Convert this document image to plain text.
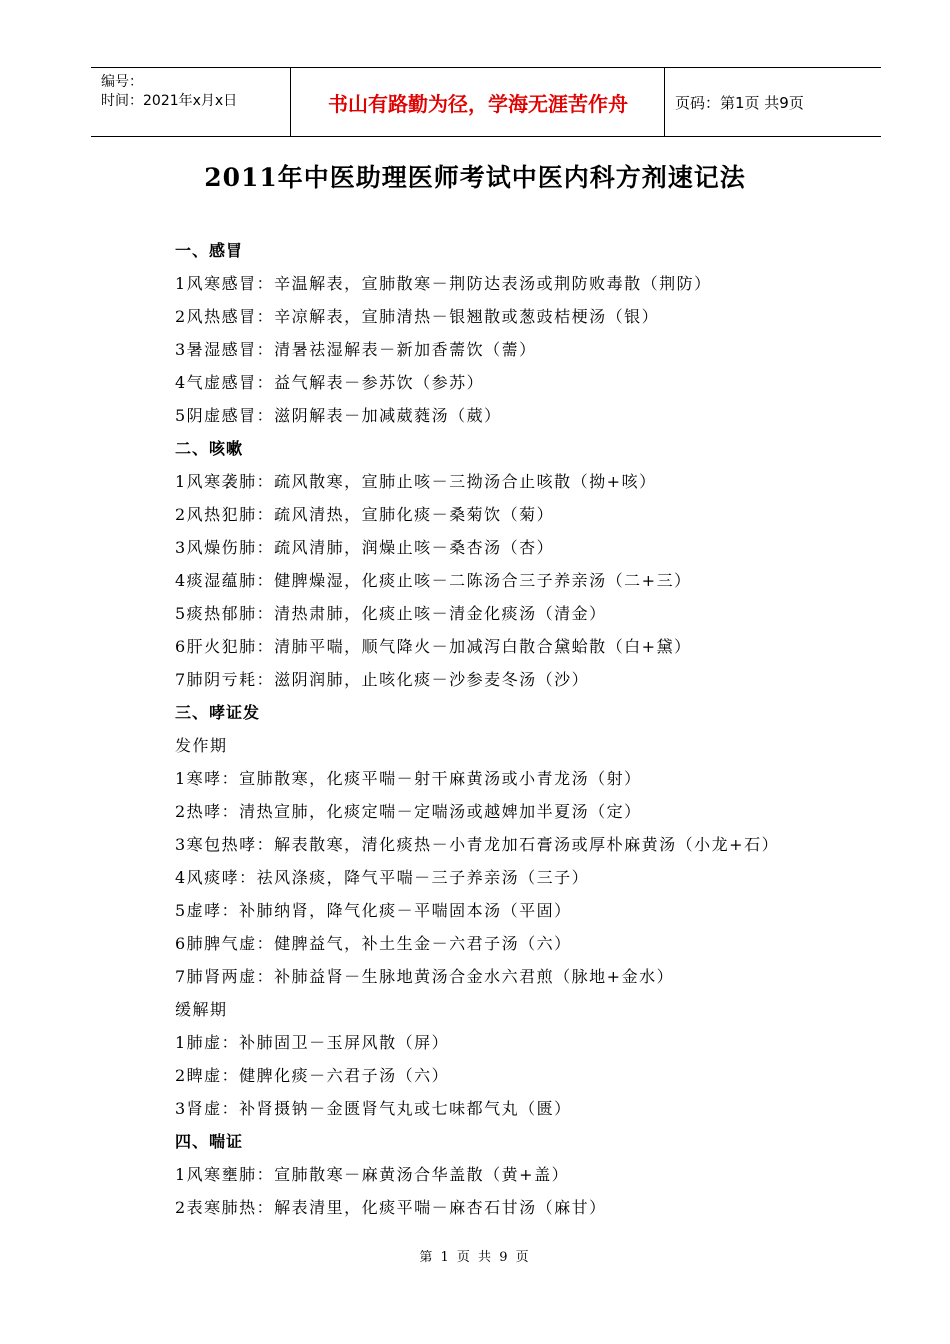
编号：
时间：2021年x月x日	书山有路勤为径，学海无涯苦作舟	页码：第1页 共9页
2011年中医助理医师考试中医内科方剂速记法
一、感冒
1风寒感冒：辛温解表，宣肺散寒－荆防达表汤或荆防败毒散（荆防）
2风热感冒：辛凉解表，宣肺清热－银翘散或葱豉桔梗汤（银）
3暑湿感冒：清暑祛湿解表－新加香薷饮（薷）
4气虚感冒：益气解表－参苏饮（参苏）
5阴虚感冒：滋阴解表－加减葳蕤汤（葳）
二、咳嗽
1风寒袭肺：疏风散寒，宣肺止咳－三拗汤合止咳散（拗+咳）
2风热犯肺：疏风清热，宣肺化痰－桑菊饮（菊）
3风燥伤肺：疏风清肺，润燥止咳－桑杏汤（杏）
4痰湿蕴肺：健脾燥湿，化痰止咳－二陈汤合三子养亲汤（二+三）
5痰热郁肺：清热肃肺，化痰止咳－清金化痰汤（清金）
6肝火犯肺：清肺平喘，顺气降火－加减泻白散合黛蛤散（白+黛）
7肺阴亏耗：滋阴润肺，止咳化痰－沙参麦冬汤（沙）
三、哮证发
发作期
1寒哮：宣肺散寒，化痰平喘－射干麻黄汤或小青龙汤（射）
2热哮：清热宣肺，化痰定喘－定喘汤或越婢加半夏汤（定）
3寒包热哮：解表散寒，清化痰热－小青龙加石膏汤或厚朴麻黄汤（小龙+石）
4风痰哮：祛风涤痰，降气平喘－三子养亲汤（三子）
5虚哮：补肺纳肾，降气化痰－平喘固本汤（平固）
6肺脾气虚：健脾益气，补土生金－六君子汤（六）
7肺肾两虚：补肺益肾－生脉地黄汤合金水六君煎（脉地+金水）
缓解期
1肺虚：补肺固卫－玉屏风散（屏）
2睥虚：健脾化痰－六君子汤（六）
3肾虚：补肾摄钠－金匮肾气丸或七味都气丸（匮）
四、喘证
1风寒壅肺：宣肺散寒－麻黄汤合华盖散（黄+盖）
2表寒肺热：解表清里，化痰平喘－麻杏石甘汤（麻甘）
第 1 页 共 9 页
